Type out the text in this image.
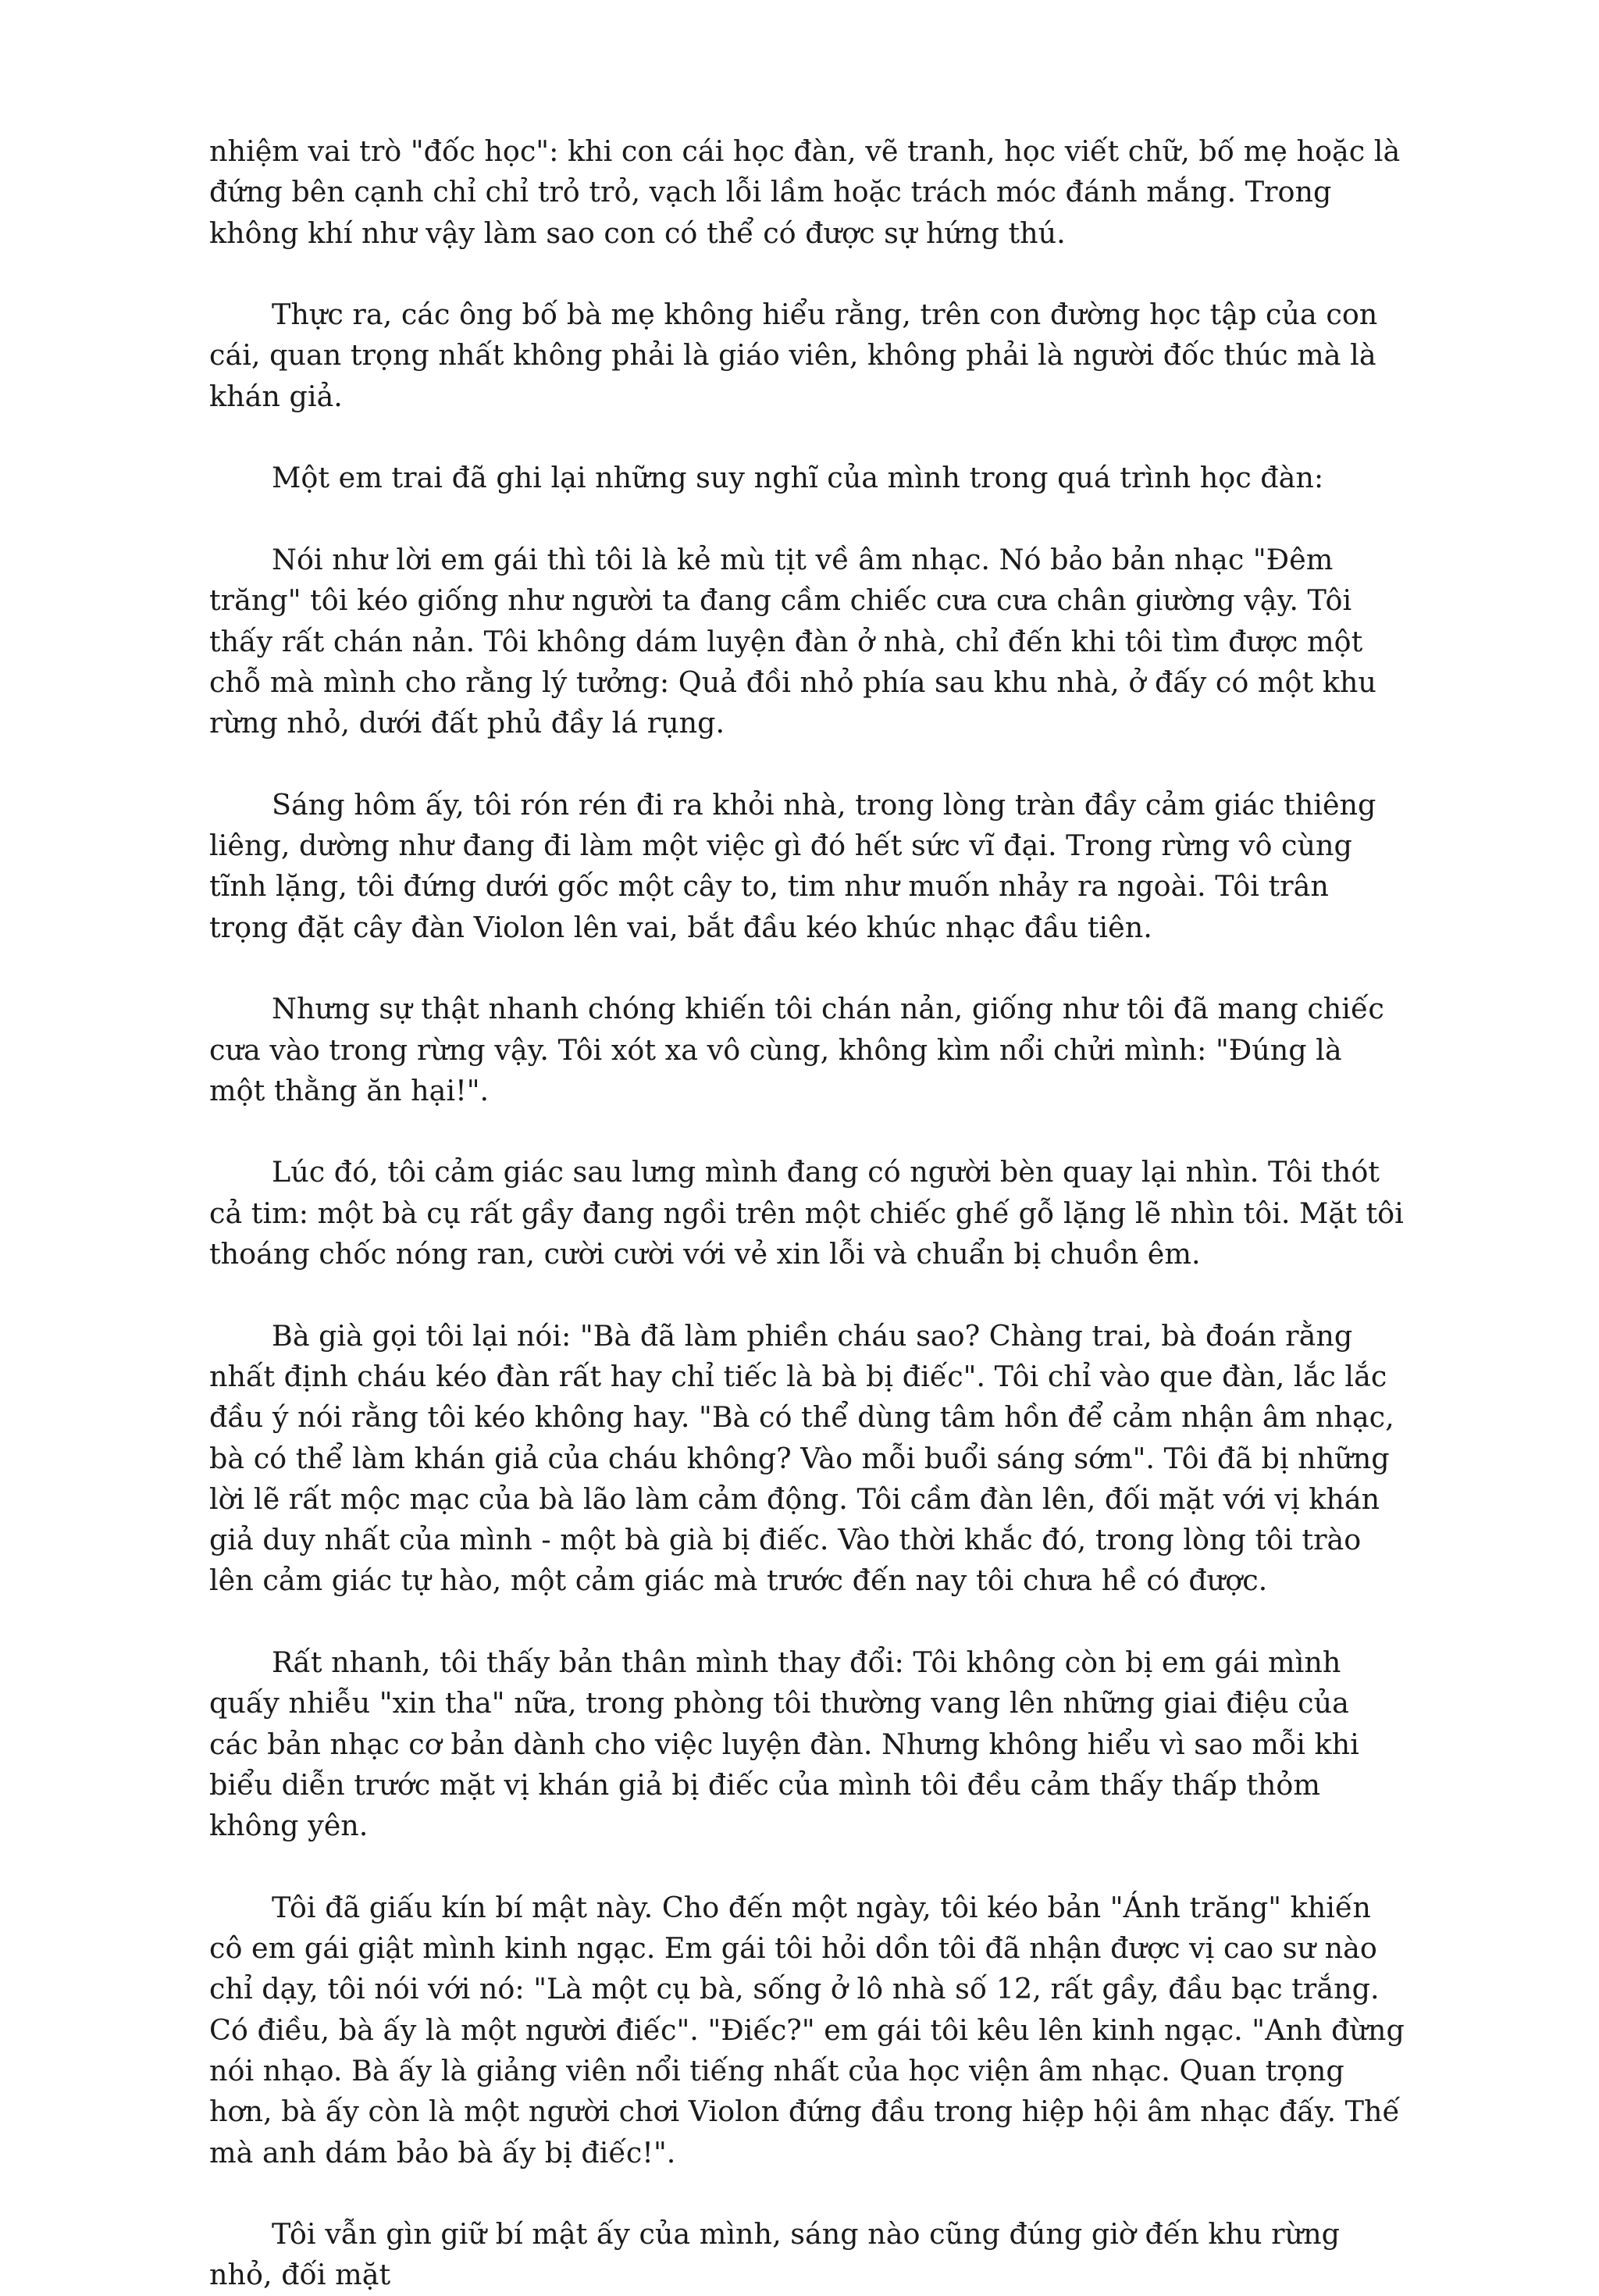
nhiệm vai trò "đốc học": khi con cái học đàn, vẽ tranh, học viết chữ, bố mẹ hoặc là đứng bên cạnh chỉ chỉ trỏ trỏ, vạch lỗi lầm hoặc trách móc đánh mắng. Trong không khí như vậy làm sao con có thể có được sự hứng thú.

Thực ra, các ông bố bà mẹ không hiểu rằng, trên con đường học tập của con cái, quan trọng nhất không phải là giáo viên, không phải là người đốc thúc mà là khán giả.

Một em trai đã ghi lại những suy nghĩ của mình trong quá trình học đàn:

Nói như lời em gái thì tôi là kẻ mù tịt về âm nhạc. Nó bảo bản nhạc "Đêm trăng" tôi kéo giống như người ta đang cầm chiếc cưa cưa chân giường vậy. Tôi thấy rất chán nản. Tôi không dám luyện đàn ở nhà, chỉ đến khi tôi tìm được một chỗ mà mình cho rằng lý tưởng: Quả đồi nhỏ phía sau khu nhà, ở đấy có một khu rừng nhỏ, dưới đất phủ đầy lá rụng.

Sáng hôm ấy, tôi rón rén đi ra khỏi nhà, trong lòng tràn đầy cảm giác thiêng liêng, dường như đang đi làm một việc gì đó hết sức vĩ đại. Trong rừng vô cùng tĩnh lặng, tôi đứng dưới gốc một cây to, tim như muốn nhảy ra ngoài. Tôi trân trọng đặt cây đàn Violon lên vai, bắt đầu kéo khúc nhạc đầu tiên.

Nhưng sự thật nhanh chóng khiến tôi chán nản, giống như tôi đã mang chiếc cưa vào trong rừng vậy. Tôi xót xa vô cùng, không kìm nổi chửi mình: "Đúng là một thằng ăn hại!".

Lúc đó, tôi cảm giác sau lưng mình đang có người bèn quay lại nhìn. Tôi thót cả tim: một bà cụ rất gầy đang ngồi trên một chiếc ghế gỗ lặng lẽ nhìn tôi. Mặt tôi thoáng chốc nóng ran, cười cười với vẻ xin lỗi và chuẩn bị chuồn êm.

Bà già gọi tôi lại nói: "Bà đã làm phiền cháu sao? Chàng trai, bà đoán rằng nhất định cháu kéo đàn rất hay chỉ tiếc là bà bị điếc". Tôi chỉ vào que đàn, lắc lắc đầu ý nói rằng tôi kéo không hay. "Bà có thể dùng tâm hồn để cảm nhận âm nhạc, bà có thể làm khán giả của cháu không? Vào mỗi buổi sáng sớm". Tôi đã bị những lời lẽ rất mộc mạc của bà lão làm cảm động. Tôi cầm đàn lên, đối mặt với vị khán giả duy nhất của mình - một bà già bị điếc. Vào thời khắc đó, trong lòng tôi trào lên cảm giác tự hào, một cảm giác mà trước đến nay tôi chưa hề có được.

Rất nhanh, tôi thấy bản thân mình thay đổi: Tôi không còn bị em gái mình quấy nhiễu "xin tha" nữa, trong phòng tôi thường vang lên những giai điệu của các bản nhạc cơ bản dành cho việc luyện đàn. Nhưng không hiểu vì sao mỗi khi biểu diễn trước mặt vị khán giả bị điếc của mình tôi đều cảm thấy thấp thỏm không yên.

Tôi đã giấu kín bí mật này. Cho đến một ngày, tôi kéo bản "Ánh trăng" khiến cô em gái giật mình kinh ngạc. Em gái tôi hỏi dồn tôi đã nhận được vị cao sư nào chỉ dạy, tôi nói với nó: "Là một cụ bà, sống ở lô nhà số 12, rất gầy, đầu bạc trắng. Có điều, bà ấy là một người điếc". "Điếc?" em gái tôi kêu lên kinh ngạc. "Anh đừng nói nhạo. Bà ấy là giảng viên nổi tiếng nhất của học viện âm nhạc. Quan trọng hơn, bà ấy còn là một người chơi Violon đứng đầu trong hiệp hội âm nhạc đấy. Thế mà anh dám bảo bà ấy bị điếc!".

Tôi vẫn gìn giữ bí mật ấy của mình, sáng nào cũng đúng giờ đến khu rừng nhỏ, đối mặt
